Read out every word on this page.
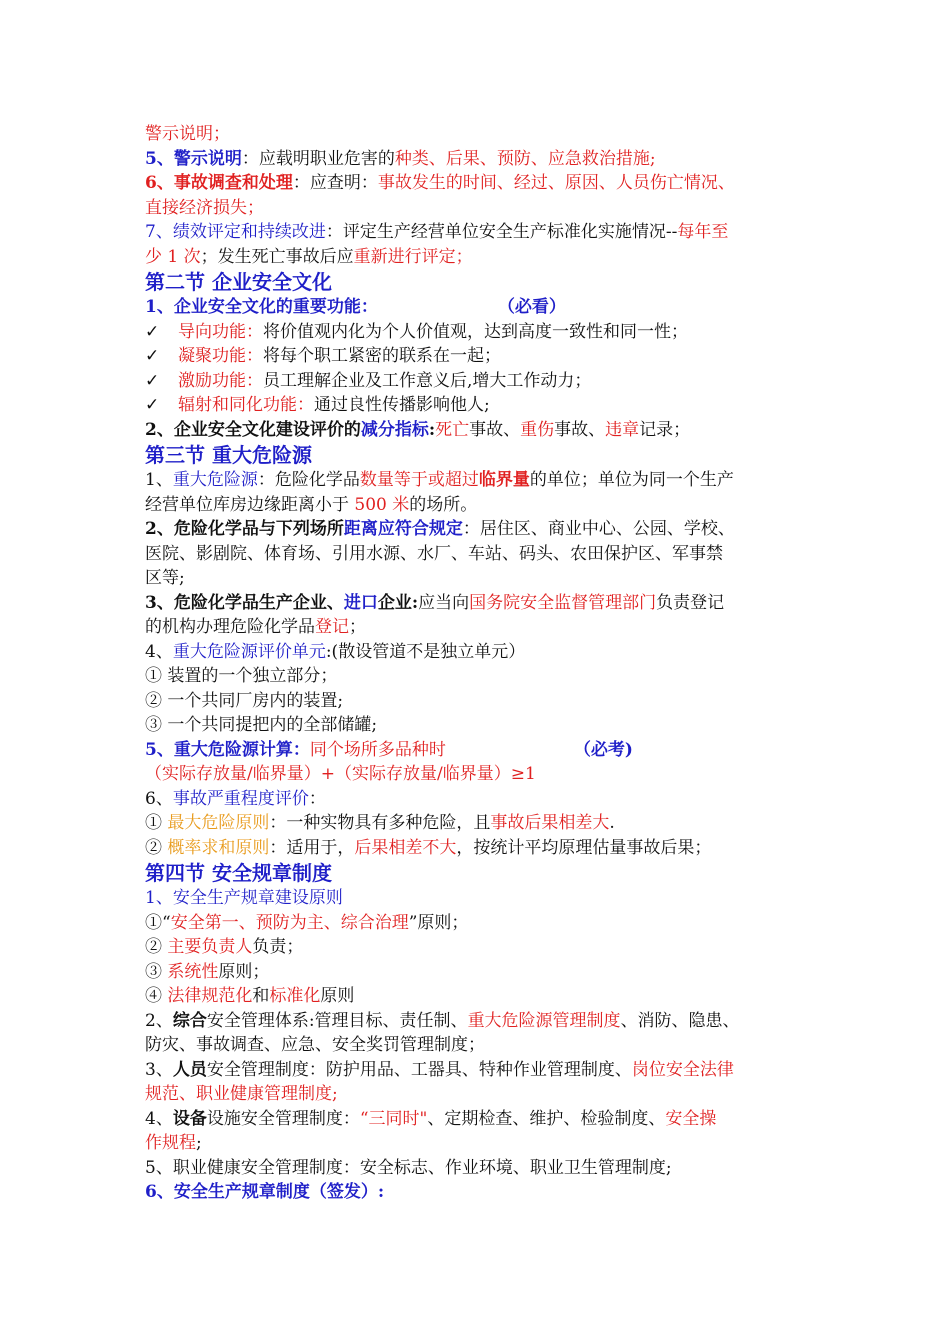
警示说明；
5、警示说明：应载明职业危害的种类、后果、预防、应急救治措施;
6、事故调查和处理：应查明：事故发生的时间、经过、原因、人员伤亡情况、
直接经济损失；
7、绩效评定和持续改进：评定生产经营单位安全生产标准化实施情况--每年至
少 1 次；发生死亡事故后应重新进行评定；
第二节 企业安全文化
1、企业安全文化的重要功能：	（必看）
✓ 导向功能：将价值观内化为个人价值观，达到高度一致性和同一性；
✓ 凝聚功能：将每个职工紧密的联系在一起；
✓ 激励功能：员工理解企业及工作意义后,增大工作动力；
✓ 辐射和同化功能：通过良性传播影响他人;
2、企业安全文化建设评价的减分指标:死亡事故、重伤事故、违章记录；
第三节 重大危险源
1、重大危险源：危险化学品数量等于或超过临界量的单位；单位为同一个生产
经营单位库房边缘距离小于 500 米的场所。
2、危险化学品与下列场所距离应符合规定：居住区、商业中心、公园、学校、
医院、影剧院、体育场、引用水源、水厂、车站、码头、农田保护区、军事禁
区等;
3、危险化学品生产企业、进口企业:应当向国务院安全监督管理部门负责登记
的机构办理危险化学品登记；
4、重大危险源评价单元:(散设管道不是独立单元）
① 装置的一个独立部分；
② 一个共同厂房内的装置;
③ 一个共同提把内的全部储罐;
5、重大危险源计算：同个场所多品种时	（必考)
（实际存放量/临界量）+（实际存放量/临界量）≥1
6、事故严重程度评价：
① 最大危险原则：一种实物具有多种危险，且事故后果相差大.
② 概率求和原则：适用于，后果相差不大，按统计平均原理估量事故后果；
第四节 安全规章制度
1、安全生产规章建设原则
①“安全第一、预防为主、综合治理”原则；
② 主要负责人负责；
③ 系统性原则；
④ 法律规范化和标准化原则
2、综合安全管理体系:管理目标、责任制、重大危险源管理制度、消防、隐患、
防灾、事故调查、应急、安全奖罚管理制度；
3、人员安全管理制度：防护用品、工器具、特种作业管理制度、岗位安全法律
规范、职业健康管理制度;
4、设备设施安全管理制度：“三同时"、定期检查、维护、检验制度、安全操
作规程;
5、职业健康安全管理制度：安全标志、作业环境、职业卫生管理制度;
6、安全生产规章制度（签发）:
